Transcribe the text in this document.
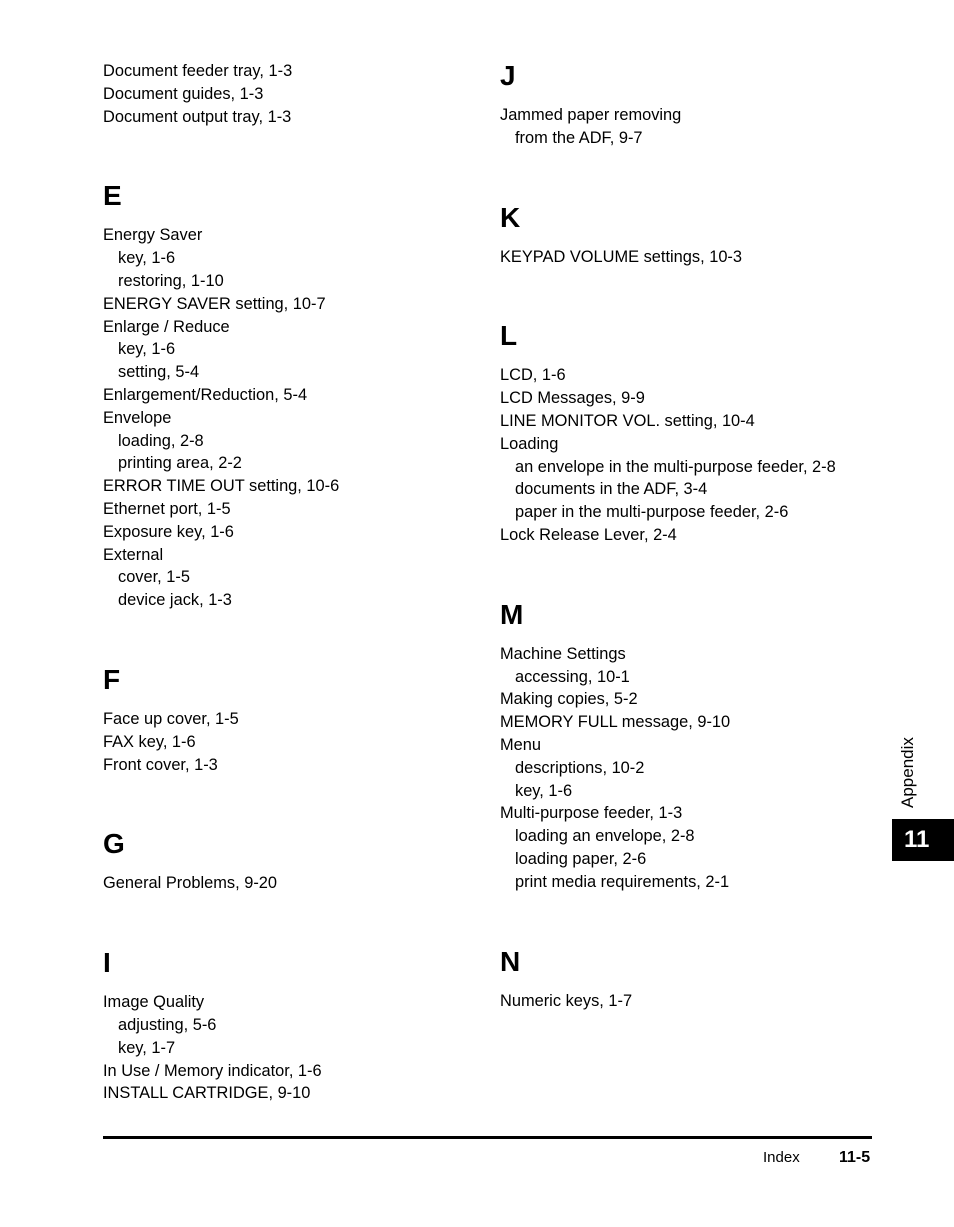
Document feeder tray, 1-3
Document guides, 1-3
Document output tray, 1-3
E
Energy Saver
key, 1-6
restoring, 1-10
ENERGY SAVER setting, 10-7
Enlarge / Reduce
key, 1-6
setting, 5-4
Enlargement/Reduction, 5-4
Envelope
loading, 2-8
printing area, 2-2
ERROR TIME OUT setting, 10-6
Ethernet port, 1-5
Exposure key, 1-6
External
cover, 1-5
device jack, 1-3
F
Face up cover, 1-5
FAX key, 1-6
Front cover, 1-3
G
General Problems, 9-20
I
Image Quality
adjusting, 5-6
key, 1-7
In Use / Memory indicator, 1-6
INSTALL CARTRIDGE, 9-10
J
Jammed paper removing
from the ADF, 9-7
K
KEYPAD VOLUME settings, 10-3
L
LCD, 1-6
LCD Messages, 9-9
LINE MONITOR VOL. setting, 10-4
Loading
an envelope in the multi-purpose feeder, 2-8
documents in the ADF, 3-4
paper in the multi-purpose feeder, 2-6
Lock Release Lever, 2-4
M
Machine Settings
accessing, 10-1
Making copies, 5-2
MEMORY FULL message, 9-10
Menu
descriptions, 10-2
key, 1-6
Multi-purpose feeder, 1-3
loading an envelope, 2-8
loading paper, 2-6
print media requirements, 2-1
N
Numeric keys, 1-7
Appendix
11
Index 11-5
